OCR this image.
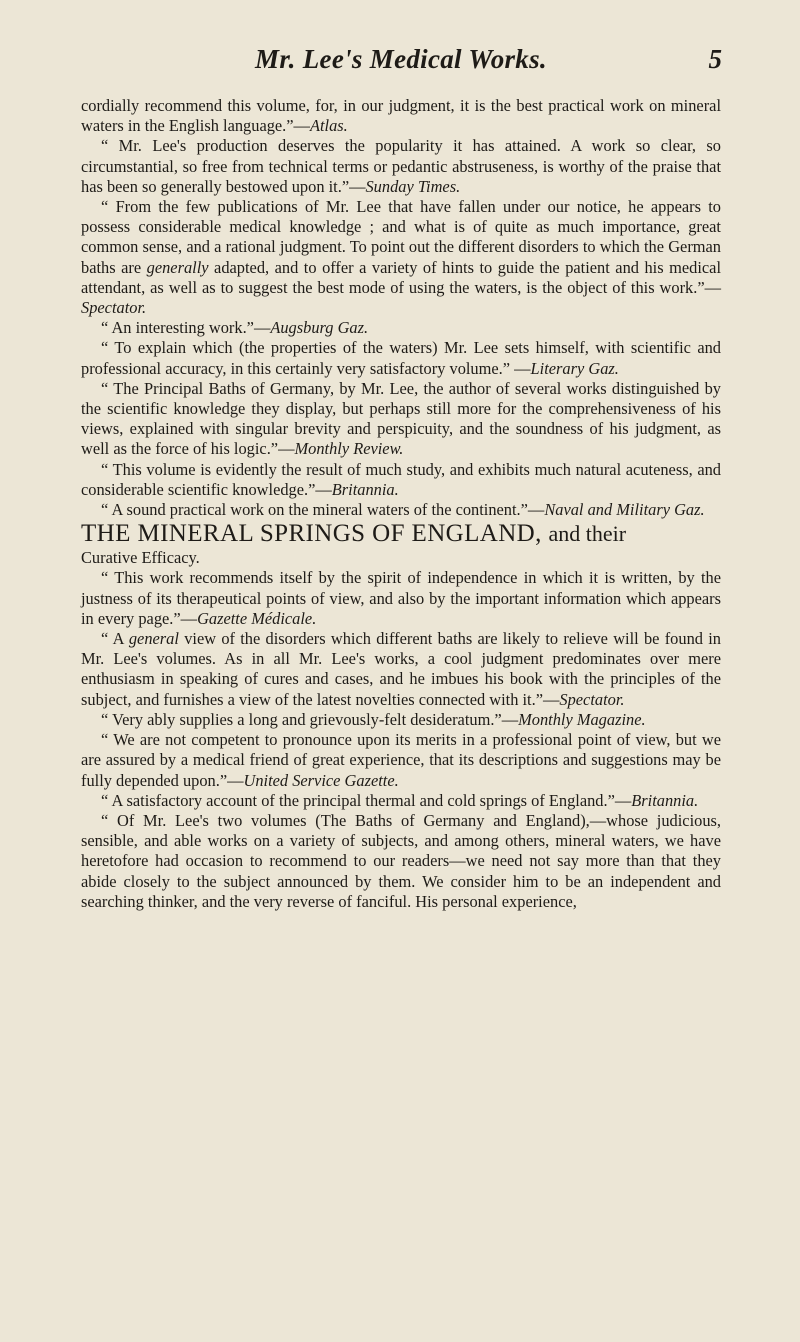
Mr. Lee's Medical Works.	5

cordially recommend this volume, for, in our judgment, it is the best practical work on mineral waters in the English language.”—Atlas.

“ Mr. Lee's production deserves the popularity it has attained. A work so clear, so circumstantial, so free from technical terms or pedantic abstruseness, is worthy of the praise that has been so generally bestowed upon it.”—Sunday Times.

“ From the few publications of Mr. Lee that have fallen under our notice, he appears to possess considerable medical knowledge ; and what is of quite as much importance, great common sense, and a rational judgment. To point out the different disorders to which the German baths are generally adapted, and to offer a variety of hints to guide the patient and his medical attendant, as well as to suggest the best mode of using the waters, is the object of this work.”—Spectator.

“ An interesting work.”—Augsburg Gaz.

“ To explain which (the properties of the waters) Mr. Lee sets himself, with scientific and professional accuracy, in this certainly very satisfactory volume.” —Literary Gaz.

“ The Principal Baths of Germany, by Mr. Lee, the author of several works distinguished by the scientific knowledge they display, but perhaps still more for the comprehensiveness of his views, explained with singular brevity and perspicuity, and the soundness of his judgment, as well as the force of his logic.”—Monthly Review.

“ This volume is evidently the result of much study, and exhibits much natural acuteness, and considerable scientific knowledge.”—Britannia.

“ A sound practical work on the mineral waters of the continent.”—Naval and Military Gaz.

THE MINERAL SPRINGS OF ENGLAND, and their

Curative Efficacy.

“ This work recommends itself by the spirit of independence in which it is written, by the justness of its therapeutical points of view, and also by the important information which appears in every page.”—Gazette Médicale.

“ A general view of the disorders which different baths are likely to relieve will be found in Mr. Lee's volumes. As in all Mr. Lee's works, a cool judgment predominates over mere enthusiasm in speaking of cures and cases, and he imbues his book with the principles of the subject, and furnishes a view of the latest novelties connected with it.”—Spectator.

“ Very ably supplies a long and grievously-felt desideratum.”—Monthly Magazine.

“ We are not competent to pronounce upon its merits in a professional point of view, but we are assured by a medical friend of great experience, that its descriptions and suggestions may be fully depended upon.”—United Service Gazette.

“ A satisfactory account of the principal thermal and cold springs of England.”—Britannia.

“ Of Mr. Lee's two volumes (The Baths of Germany and England),—whose judicious, sensible, and able works on a variety of subjects, and among others, mineral waters, we have heretofore had occasion to recommend to our readers—we need not say more than that they abide closely to the subject announced by them. We consider him to be an independent and searching thinker, and the very reverse of fanciful. His personal experience,
